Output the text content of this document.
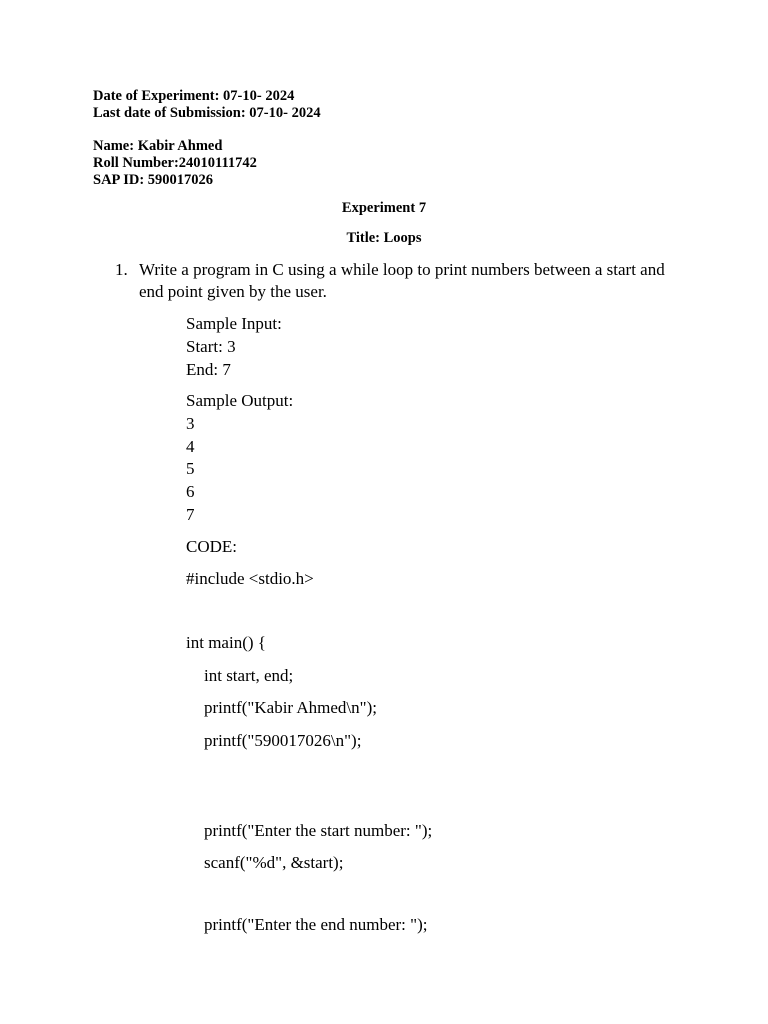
Date of Experiment: 07-10- 2024
Last date of Submission: 07-10- 2024
Name: Kabir Ahmed
Roll Number:24010111742
SAP ID: 590017026
Experiment 7
Title: Loops
1. Write a program in C using a while loop to print numbers between a start and end point given by the user.
Sample Input:
Start: 3
End: 7
Sample Output:
3
4
5
6
7
CODE:
#include <stdio.h>
int main() {
int start, end;
printf("Kabir Ahmed\n");
printf("590017026\n");
printf("Enter the start number: ");
scanf("%d", &start);
printf("Enter the end number: ");
